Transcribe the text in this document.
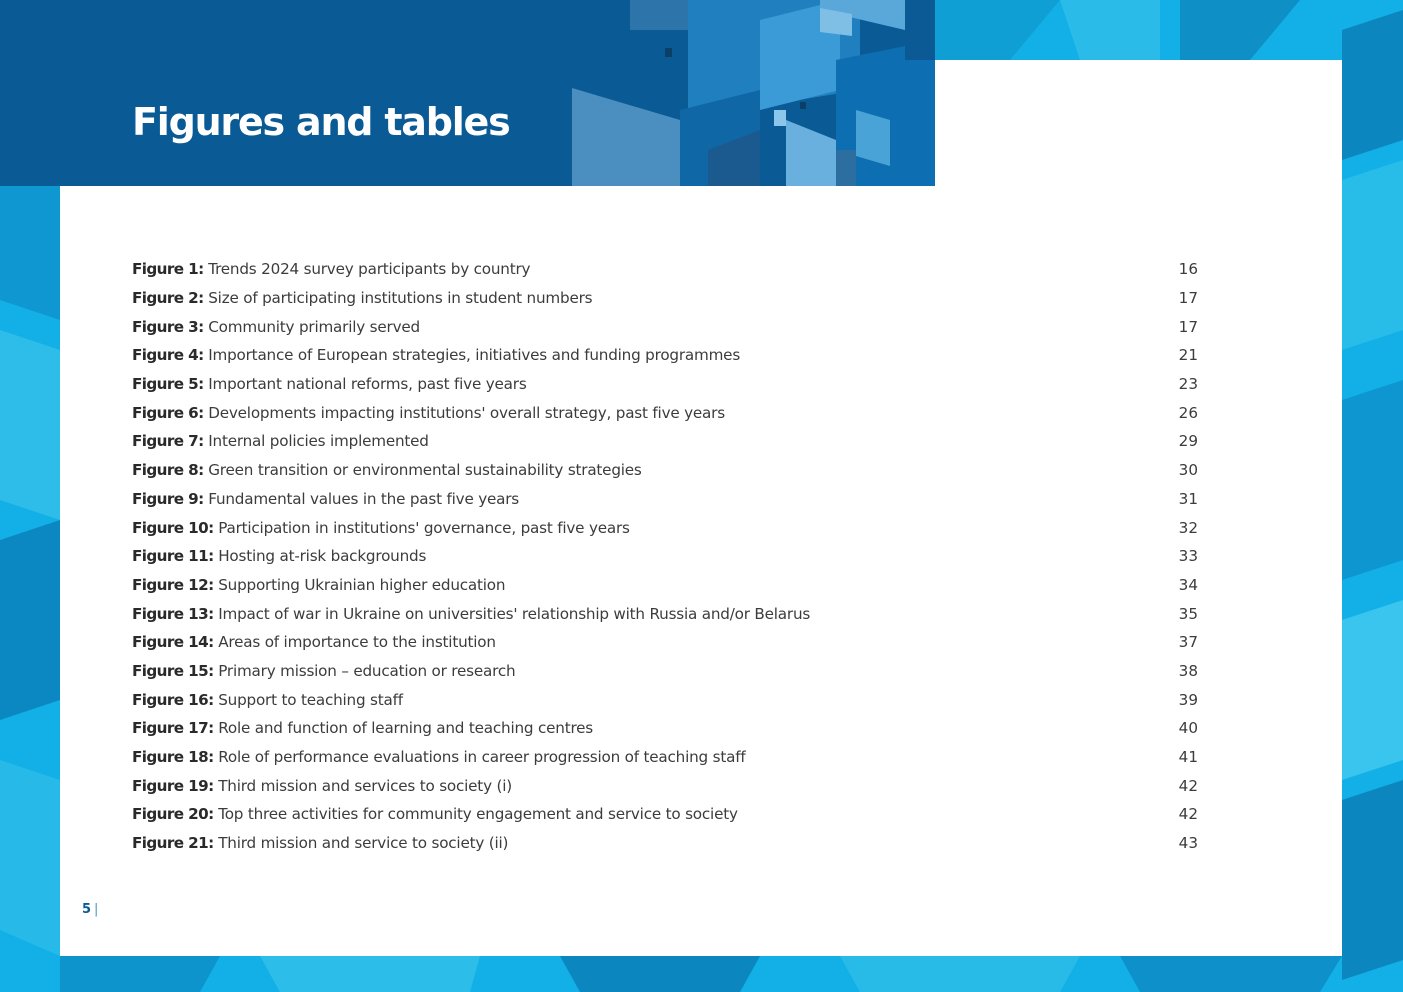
Figures and tables
Figure 1: Trends 2024 survey participants by country	16
Figure 2: Size of participating institutions in student numbers	17
Figure 3: Community primarily served	17
Figure 4: Importance of European strategies, initiatives and funding programmes	21
Figure 5: Important national reforms, past five years	23
Figure 6: Developments impacting institutions' overall strategy, past five years	26
Figure 7: Internal policies implemented	29
Figure 8: Green transition or environmental sustainability strategies	30
Figure 9: Fundamental values in the past five years	31
Figure 10: Participation in institutions' governance, past five years	32
Figure 11: Hosting at-risk backgrounds	33
Figure 12: Supporting Ukrainian higher education	34
Figure 13: Impact of war in Ukraine on universities' relationship with Russia and/or Belarus	35
Figure 14: Areas of importance to the institution	37
Figure 15: Primary mission – education or research	38
Figure 16: Support to teaching staff	39
Figure 17: Role and function of learning and teaching centres	40
Figure 18: Role of performance evaluations in career progression of teaching staff	41
Figure 19: Third mission and services to society (i)	42
Figure 20: Top three activities for community engagement and service to society	42
Figure 21: Third mission and service to society (ii)	43
5 |
